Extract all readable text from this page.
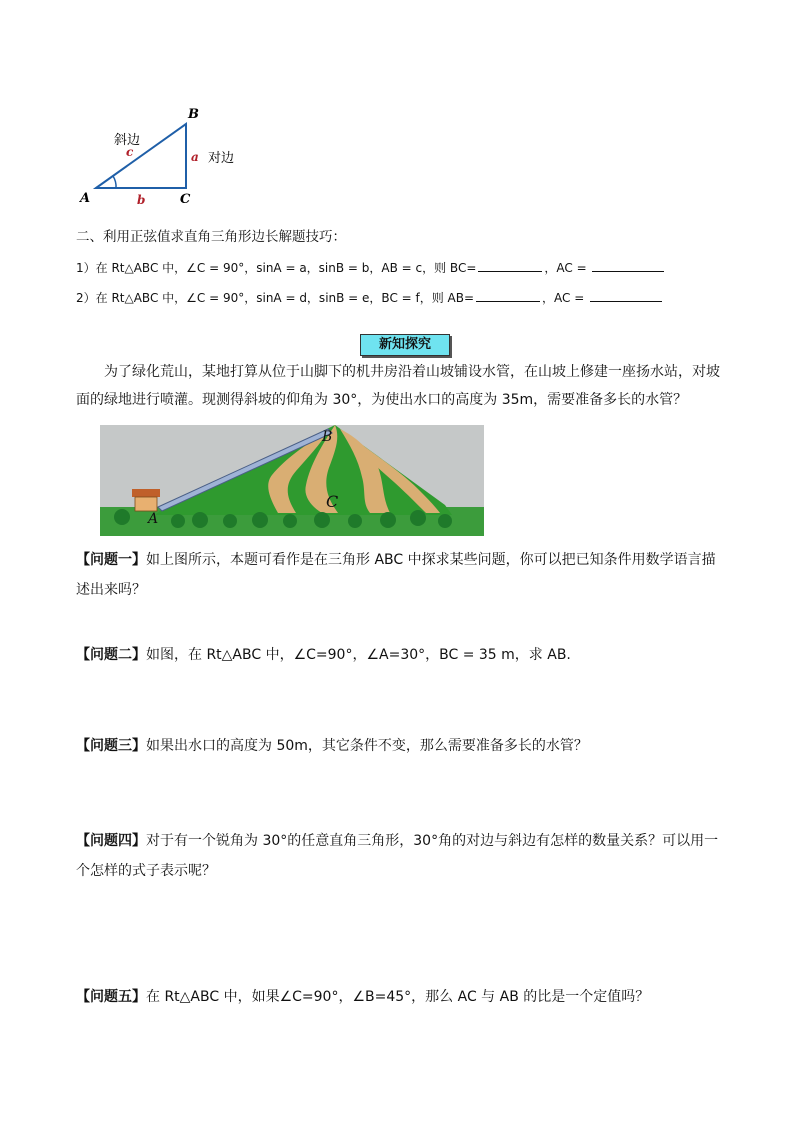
A
B
C
a
b
c
斜边
对边
二、利用正弦值求直角三角形边长解题技巧：
1）在 Rt△ABC 中，∠C = 90°，sinA = a，sinB = b，AB = c，则 BC=	，AC =
2）在 Rt△ABC 中，∠C = 90°，sinA = d，sinB = e，BC = f，则 AB=	，AC =
新知探究
为了绿化荒山，某地打算从位于山脚下的机井房沿着山坡铺设水管，在山坡上修建一座扬水站，对坡面的绿地进行喷灌。现测得斜坡的仰角为 30°，为使出水口的高度为 35m，需要准备多长的水管？
A
B
C
【问题一】如上图所示，本题可看作是在三角形 ABC 中探求某些问题，你可以把已知条件用数学语言描述出来吗？
【问题二】如图，在 Rt△ABC 中，∠C=90°，∠A=30°，BC = 35 m，求 AB.
【问题三】如果出水口的高度为 50m，其它条件不变，那么需要准备多长的水管？
【问题四】对于有一个锐角为 30°的任意直角三角形，30°角的对边与斜边有怎样的数量关系？可以用一个怎样的式子表示呢？
【问题五】在 Rt△ABC 中，如果∠C=90°，∠B=45°，那么 AC 与 AB 的比是一个定值吗？
